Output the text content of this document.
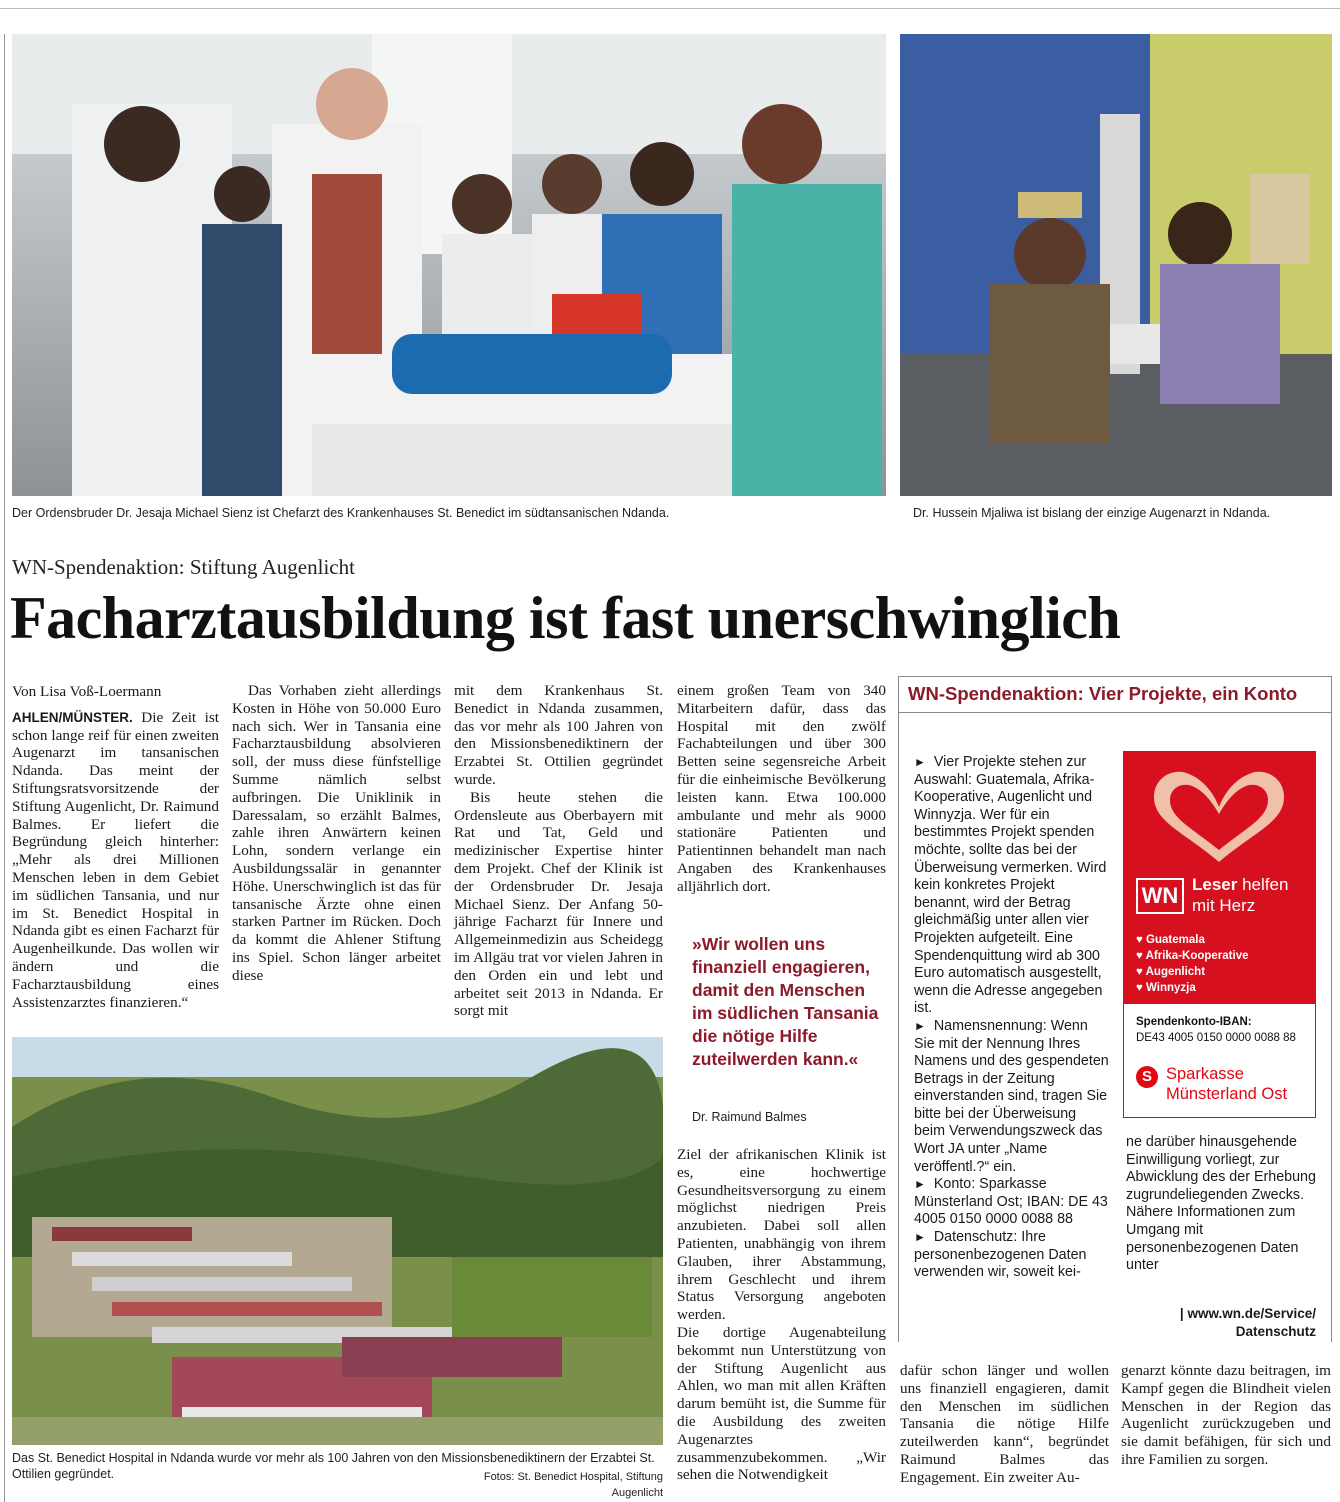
Der Ordensbruder Dr. Jesaja Michael Sienz ist Chefarzt des Krankenhauses St. Benedict im südtansanischen Ndanda.	Dr. Hussein Mjaliwa ist bislang der einzige Augenarzt in Ndanda.
WN-Spendenaktion: Stiftung Augenlicht
Facharztausbildung ist fast unerschwinglich

Von Lisa Voß-Loermann

AHLEN/MÜNSTER. Die Zeit ist schon lange reif für einen zweiten Augenarzt im tansanischen Ndanda. Das meint der Stiftungsratsvorsitzende der Stiftung Augenlicht, Dr. Raimund Balmes. Er liefert die Begründung gleich hinterher: „Mehr als drei Millionen Menschen leben in dem Gebiet im südlichen Tansania, und nur im St. Benedict Hospital in Ndanda gibt es einen Facharzt für Augenheilkunde. Das wollen wir ändern und die Facharztausbildung eines Assistenzarztes finanzieren.“

Das Vorhaben zieht allerdings Kosten in Höhe von 50.000 Euro nach sich. Wer in Tansania eine Facharztausbildung absolvieren soll, der muss diese fünfstellige Summe nämlich selbst aufbringen. Die Uniklinik in Daressalam, so erzählt Balmes, zahle ihren Anwärtern keinen Lohn, sondern verlange ein Ausbildungssalär in genannter Höhe. Unerschwinglich ist das für tansanische Ärzte ohne einen starken Partner im Rücken. Doch da kommt die Ahlener Stiftung ins Spiel. Schon länger arbeitet diese

mit dem Krankenhaus St. Benedict in Ndanda zusammen, das vor mehr als 100 Jahren von den Missionsbenediktinern der Erzabtei St. Ottilien gegründet wurde.

Bis heute stehen die Ordensleute aus Oberbayern mit Rat und Tat, Geld und medizinischer Expertise hinter dem Projekt. Chef der Klinik ist der Ordensbruder Dr. Jesaja Michael Sienz. Der Anfang 50-jährige Facharzt für Innere und Allgemeinmedizin aus Scheidegg im Allgäu trat vor vielen Jahren in den Orden ein und lebt und arbeitet seit 2013 in Ndanda. Er sorgt mit

einem großen Team von 340 Mitarbeitern dafür, dass das Hospital mit den zwölf Fachabteilungen und über 300 Betten seine segensreiche Arbeit für die einheimische Bevölkerung leisten kann. Etwa 100.000 ambulante und mehr als 9000 stationäre Patienten und Patientinnen behandelt man nach Angaben des Krankenhauses alljährlich dort.

»Wir wollen uns finanziell engagieren, damit den Menschen im südlichen Tansania die nötige Hilfe zuteilwerden kann.«
Dr. Raimund Balmes

Ziel der afrikanischen Klinik ist es, eine hochwertige Gesundheitsversorgung zu einem möglichst niedrigen Preis anzubieten. Dabei soll allen Patienten, unabhängig von ihrem Glauben, ihrer Abstammung, ihrem Geschlecht und ihrem Status Versorgung angeboten werden.

Die dortige Augenabteilung bekommt nun Unterstützung von der Stiftung Augenlicht aus Ahlen, wo man mit allen Kräften darum bemüht ist, die Summe für die Ausbildung des zweiten Augenarztes zusammenzubekommen. „Wir sehen die Notwendigkeit

Das St. Benedict Hospital in Ndanda wurde vor mehr als 100 Jahren von den Missionsbenediktinern der Erzabtei St. Ottilien gegründet.	Fotos: St. Benedict Hospital, Stiftung Augenlicht

dafür schon länger und wollen uns finanziell engagieren, damit den Menschen im südlichen Tansania die nötige Hilfe zuteilwerden kann“, begründet Raimund Balmes das Engagement. Ein zweiter Au-

genarzt könnte dazu beitragen, im Kampf gegen die Blindheit vielen Menschen in der Region das Augenlicht zurückzugeben und sie damit befähigen, für sich und ihre Familien zu sorgen.

WN-Spendenaktion: Vier Projekte, ein Konto

► Vier Projekte stehen zur Auswahl: Guatemala, Afrika-Kooperative, Augenlicht und Winnyzja. Wer für ein bestimmtes Projekt spenden möchte, sollte das bei der Überweisung vermerken. Wird kein konkretes Projekt benannt, wird der Betrag gleichmäßig unter allen vier Projekten aufgeteilt. Eine Spendenquittung wird ab 300 Euro automatisch ausgestellt, wenn die Adresse angegeben ist.

► Namensnennung: Wenn Sie mit der Nennung Ihres Namens und des gespendeten Betrags in der Zeitung einverstanden sind, tragen Sie bitte bei der Überweisung beim Verwendungszweck das Wort JA unter „Name veröffentl.?“ ein.

► Konto: Sparkasse Münsterland Ost; IBAN: DE 43 4005 0150 0000 0088 88

► Datenschutz: Ihre personenbezogenen Daten verwenden wir, soweit kei-

ne darüber hinausgehende Einwilligung vorliegt, zur Abwicklung des der Erhebung zugrundeliegenden Zwecks. Nähere Informationen zum Umgang mit personenbezogenen Daten unter

| www.wn.de/Service/
Datenschutz
WN Leser helfen
mit Herz
♥ Guatemala
♥ Afrika-Kooperative
♥ Augenlicht
♥ Winnyzja
Spendenkonto-IBAN:
DE43 4005 0150 0000 0088 88
S Sparkasse
Münsterland Ost
